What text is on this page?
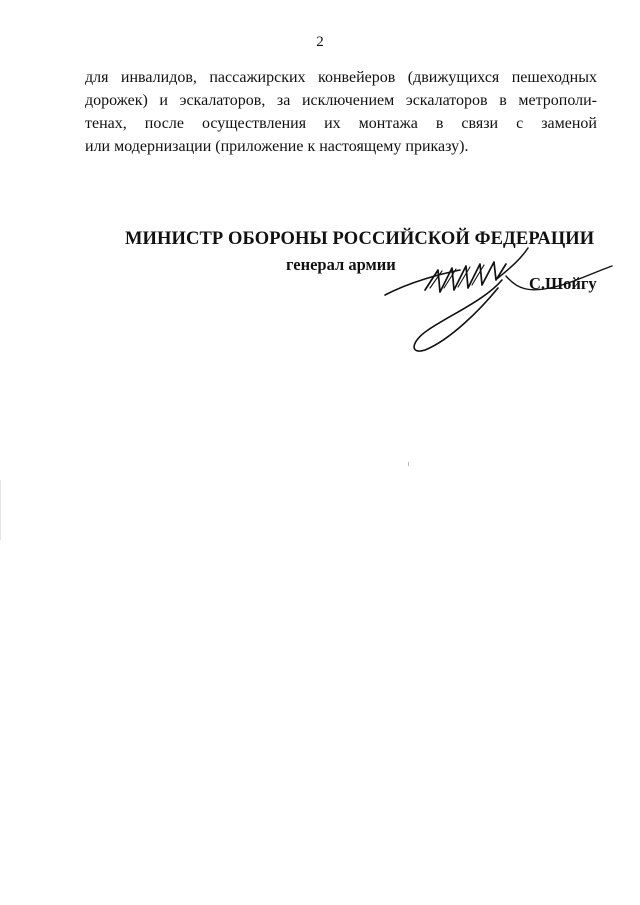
2
для инвалидов, пассажирских конвейеров (движущихся пешеходных
дорожек) и эскалаторов, за исключением эскалаторов в метрополи-
тенах, после осуществления их монтажа в связи с заменой
или модернизации (приложение к настоящему приказу).
МИНИСТР ОБОРОНЫ РОССИЙСКОЙ ФЕДЕРАЦИИ
генерал армии
С.Шойгу
